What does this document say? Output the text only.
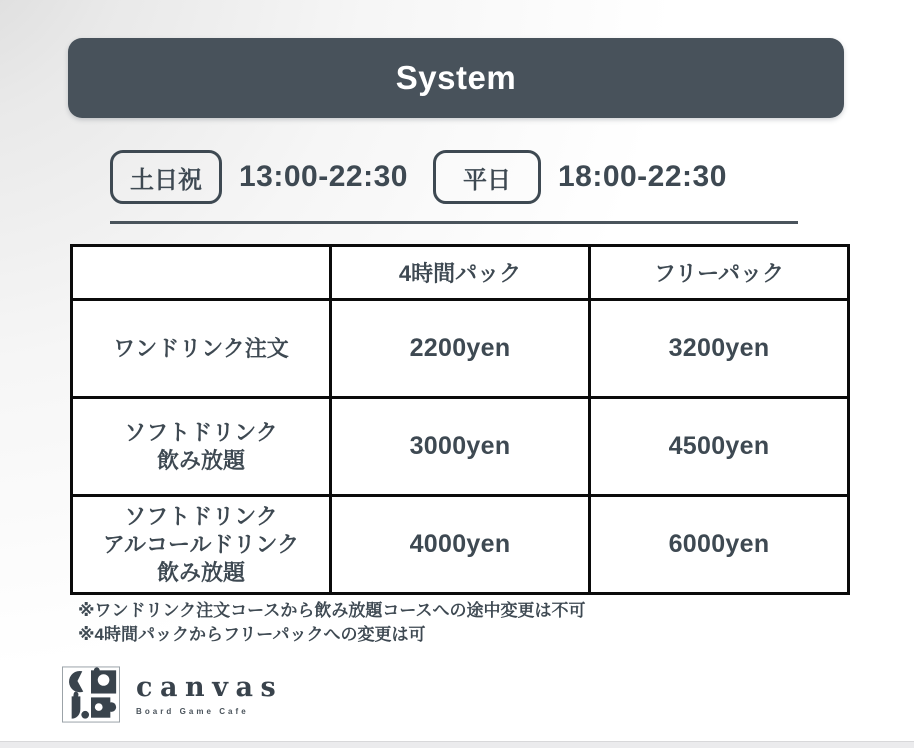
System
土日祝	13:00-22:30	平日	18:00-22:30
	4時間パック	フリーパック

ワンドリンク注文	2200yen	3200yen

ソフトドリンク
飲み放題	3000yen	4500yen

ソフトドリンク
アルコールドリンク
飲み放題	4000yen	6000yen
※ワンドリンク注文コースから飲み放題コースへの途中変更は不可
※4時間パックからフリーパックへの変更は可
canvas
Board Game Cafe
